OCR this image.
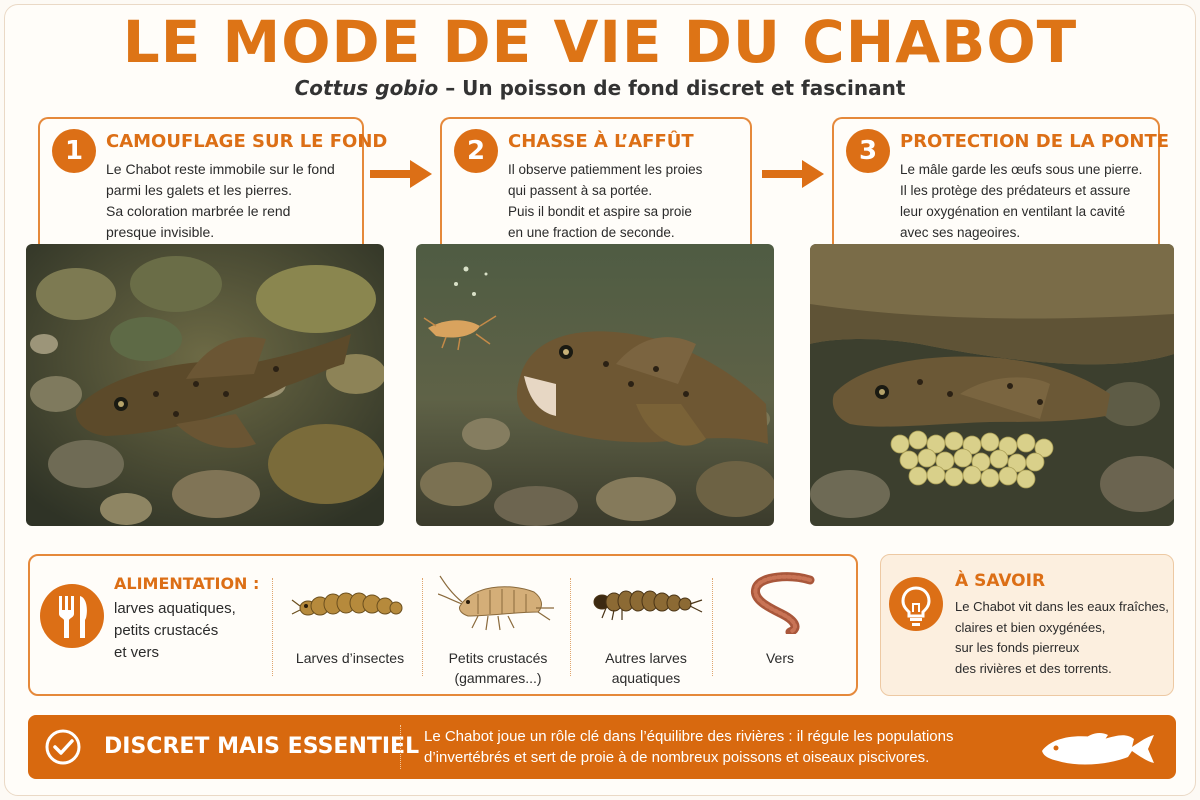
LE MODE DE VIE DU CHABOT
Cottus gobio – Un poisson de fond discret et fascinant
1	CAMOUFLAGE SUR LE FOND
Le Chabot reste immobile sur le fond
parmi les galets et les pierres.
Sa coloration marbrée le rend
presque invisible.
2	CHASSE À L’AFFÛT
Il observe patiemment les proies
qui passent à sa portée.
Puis il bondit et aspire sa proie
en une fraction de seconde.
3	PROTECTION DE LA PONTE
Le mâle garde les œufs sous une pierre.
Il les protège des prédateurs et assure
leur oxygénation en ventilant la cavité
avec ses nageoires.
ALIMENTATION :
larves aquatiques,
petits crustacés
et vers	Larves d’insectes	Petits crustacés
(gammares...)
Autres larves
aquatiques
Vers
À SAVOIR
Le Chabot vit dans les eaux fraîches,
claires et bien oxygénées,
sur les fonds pierreux
des rivières et des torrents.
DISCRET MAIS ESSENTIEL Le Chabot joue un rôle clé dans l’équilibre des rivières : il régule les populations
d’invertébrés et sert de proie à de nombreux poissons et oiseaux piscivores.
